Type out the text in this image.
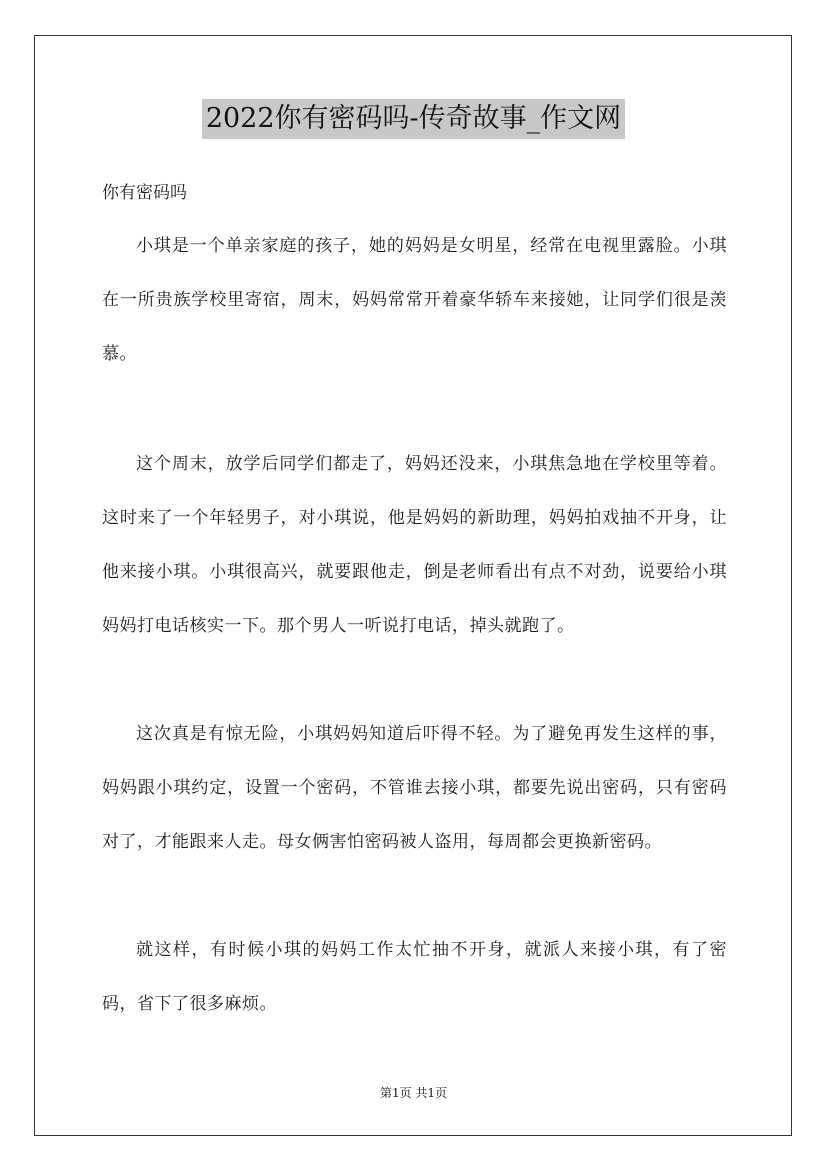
2022你有密码吗-传奇故事_作文网
你有密码吗
小琪是一个单亲家庭的孩子，她的妈妈是女明星，经常在电视里露脸。小琪在一所贵族学校里寄宿，周末，妈妈常常开着豪华轿车来接她，让同学们很是羡慕。
这个周末，放学后同学们都走了，妈妈还没来，小琪焦急地在学校里等着。这时来了一个年轻男子，对小琪说，他是妈妈的新助理，妈妈拍戏抽不开身，让他来接小琪。小琪很高兴，就要跟他走，倒是老师看出有点不对劲，说要给小琪妈妈打电话核实一下。那个男人一听说打电话，掉头就跑了。
这次真是有惊无险，小琪妈妈知道后吓得不轻。为了避免再发生这样的事，妈妈跟小琪约定，设置一个密码，不管谁去接小琪，都要先说出密码，只有密码对了，才能跟来人走。母女俩害怕密码被人盗用，每周都会更换新密码。
就这样，有时候小琪的妈妈工作太忙抽不开身，就派人来接小琪，有了密码，省下了很多麻烦。
第1页 共1页
